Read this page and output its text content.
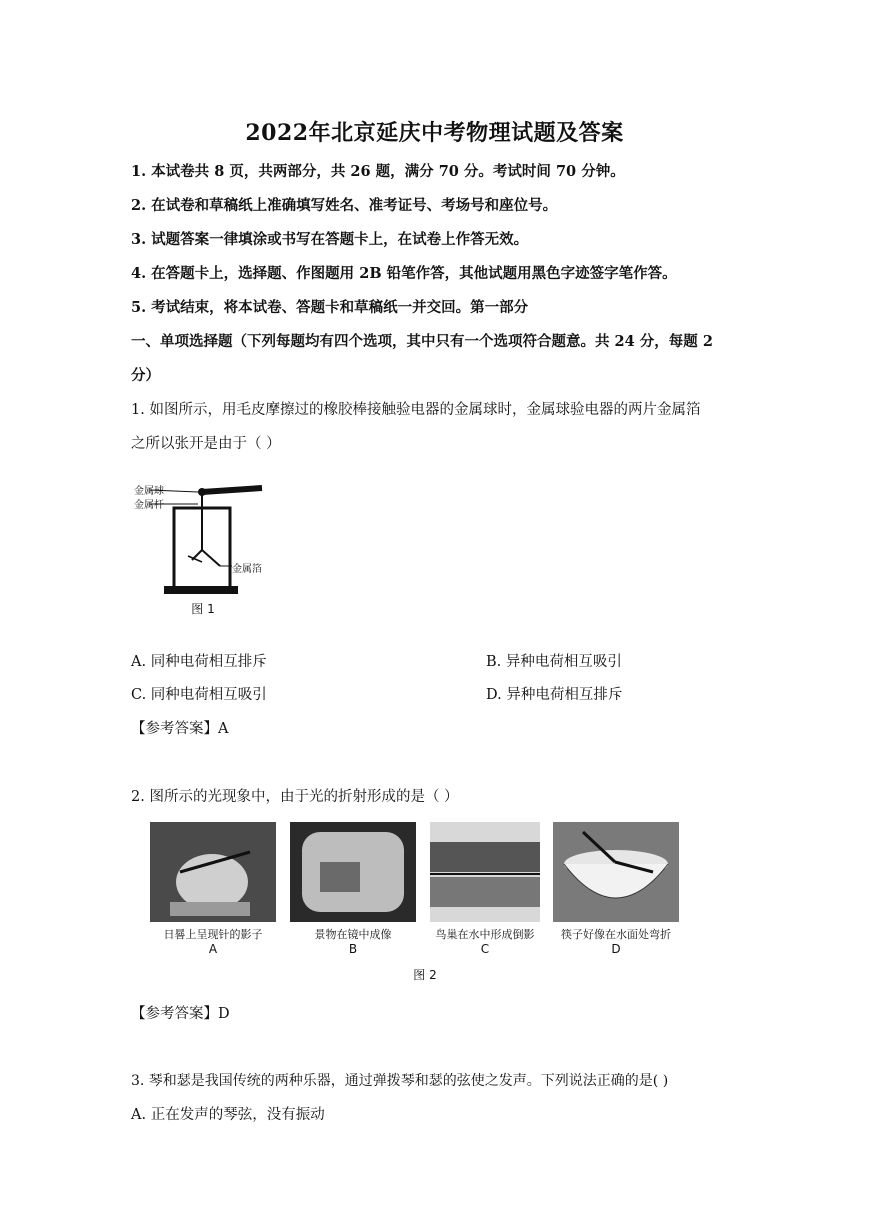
2022年北京延庆中考物理试题及答案
1. 本试卷共 8 页，共两部分，共 26 题，满分 70 分。考试时间 70 分钟。
2. 在试卷和草稿纸上准确填写姓名、准考证号、考场号和座位号。
3. 试题答案一律填涂或书写在答题卡上，在试卷上作答无效。
4. 在答题卡上，选择题、作图题用 2B 铅笔作答，其他试题用黑色字迹签字笔作答。
5. 考试结束，将本试卷、答题卡和草稿纸一并交回。第一部分
一、单项选择题（下列每题均有四个选项，其中只有一个选项符合题意。共 24 分，每题 2
分）
1. 如图所示，用毛皮摩擦过的橡胶棒接触验电器的金属球时，金属球验电器的两片金属箔
之所以张开是由于（ ）
金属球
金属杆
金属箔
图 1
A. 同种电荷相互排斥	B. 异种电荷相互吸引
C. 同种电荷相互吸引	D. 异种电荷相互排斥
【参考答案】A
2. 图所示的光现象中，由于光的折射形成的是（ ）
日晷上呈现针的影子	景物在镜中成像	鸟巢在水中形成倒影	筷子好像在水面处弯折
A	B	C	D
图 2
【参考答案】D
3. 琴和瑟是我国传统的两种乐器，通过弹拨琴和瑟的弦使之发声。下列说法正确的是( )
A. 正在发声的琴弦，没有振动
